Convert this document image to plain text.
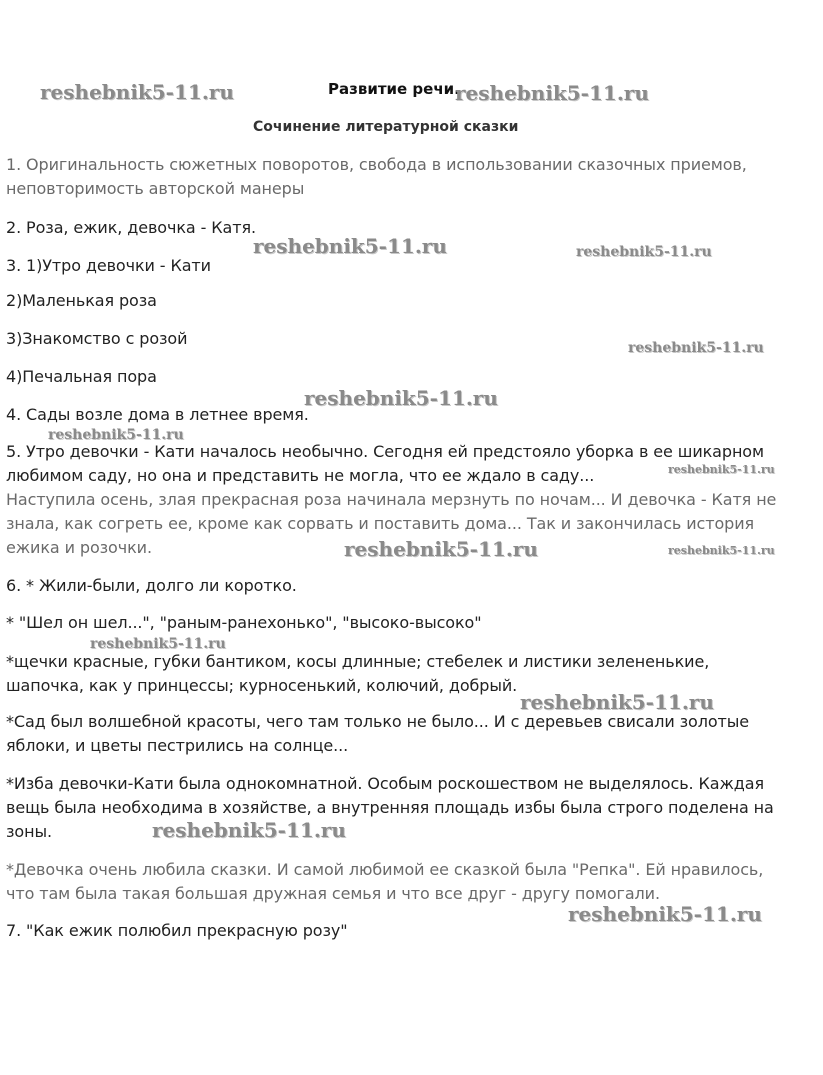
Развитие речи.
Сочинение литературной сказки
1. Оригинальность сюжетных поворотов, свобода в использовании сказочных приемов,
неповторимость авторской манеры
2. Роза, ежик, девочка - Катя.
3. 1)Утро девочки - Кати
2)Маленькая роза
3)Знакомство с розой
4)Печальная пора
4. Сады возле дома в летнее время.
5. Утро девочки - Кати началось необычно. Сегодня ей предстояло уборка в ее шикарном
любимом саду, но она и представить не могла, что ее ждало в саду...
Наступила осень, злая прекрасная роза начинала мерзнуть по ночам... И девочка - Катя не
знала, как согреть ее, кроме как сорвать и поставить дома... Так и закончилась история
ежика и розочки.
6. * Жили-были, долго ли коротко.
* "Шел он шел...", "раным-ранехонько", "высоко-высоко"
*щечки красные, губки бантиком, косы длинные; стебелек и листики зелененькие,
шапочка, как у принцессы; курносенький, колючий, добрый.
*Сад был волшебной красоты, чего там только не было... И с деревьев свисали золотые
яблоки, и цветы пестрились на солнце...
*Изба девочки-Кати была однокомнатной. Особым роскошеством не выделялось. Каждая
вещь была необходима в хозяйстве, а внутренняя площадь избы была строго поделена на
зоны.
*Девочка очень любила сказки. И самой любимой ее сказкой была "Репка". Ей нравилось,
что там была такая большая дружная семья и что все друг - другу помогали.
7. "Как ежик полюбил прекрасную розу"
reshebnik5-11.ru	reshebnik5-11.ru
reshebnik5-11.ru	reshebnik5-11.ru
reshebnik5-11.ru
reshebnik5-11.ru
reshebnik5-11.ru
reshebnik5-11.ru
reshebnik5-11.ru	reshebnik5-11.ru
reshebnik5-11.ru
reshebnik5-11.ru
reshebnik5-11.ru
reshebnik5-11.ru
